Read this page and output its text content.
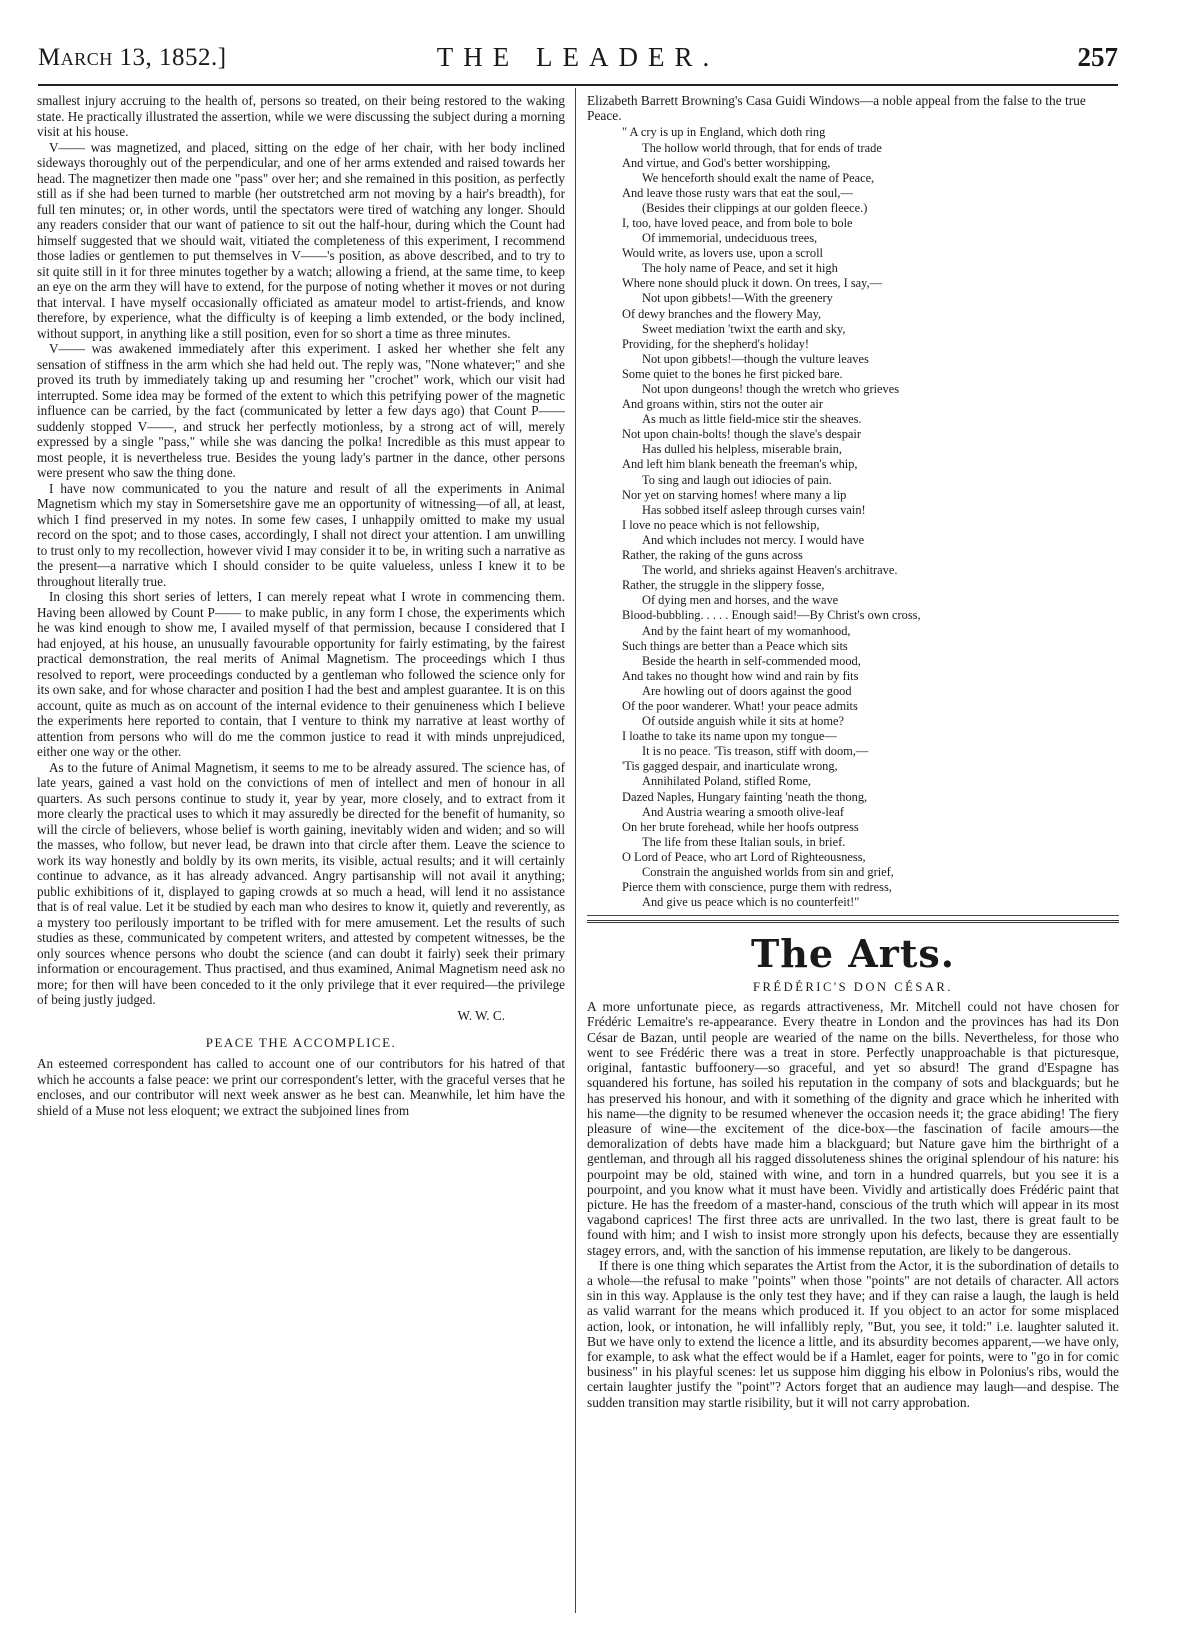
March 13, 1852.]	THE LEADER.	257

smallest injury accruing to the health of, persons so treated, on their being restored to the waking state. He practically illustrated the assertion, while we were discussing the subject during a morning visit at his house.

V—— was magnetized, and placed, sitting on the edge of her chair, with her body inclined sideways thoroughly out of the perpendicular, and one of her arms extended and raised towards her head. The magnetizer then made one "pass" over her; and she remained in this position, as perfectly still as if she had been turned to marble (her outstretched arm not moving by a hair's breadth), for full ten minutes; or, in other words, until the spectators were tired of watching any longer. Should any readers consider that our want of patience to sit out the half-hour, during which the Count had himself suggested that we should wait, vitiated the completeness of this experiment, I recommend those ladies or gentlemen to put themselves in V——'s position, as above described, and to try to sit quite still in it for three minutes together by a watch; allowing a friend, at the same time, to keep an eye on the arm they will have to extend, for the purpose of noting whether it moves or not during that interval. I have myself occasionally officiated as amateur model to artist-friends, and know therefore, by experience, what the difficulty is of keeping a limb extended, or the body inclined, without support, in anything like a still position, even for so short a time as three minutes.

V—— was awakened immediately after this experiment. I asked her whether she felt any sensation of stiffness in the arm which she had held out. The reply was, "None whatever;" and she proved its truth by immediately taking up and resuming her "crochet" work, which our visit had interrupted. Some idea may be formed of the extent to which this petrifying power of the magnetic influence can be carried, by the fact (communicated by letter a few days ago) that Count P—— suddenly stopped V——, and struck her perfectly motionless, by a strong act of will, merely expressed by a single "pass," while she was dancing the polka! Incredible as this must appear to most people, it is nevertheless true. Besides the young lady's partner in the dance, other persons were present who saw the thing done.

I have now communicated to you the nature and result of all the experiments in Animal Magnetism which my stay in Somersetshire gave me an opportunity of witnessing—of all, at least, which I find preserved in my notes. In some few cases, I unhappily omitted to make my usual record on the spot; and to those cases, accordingly, I shall not direct your attention. I am unwilling to trust only to my recollection, however vivid I may consider it to be, in writing such a narrative as the present—a narrative which I should consider to be quite valueless, unless I knew it to be throughout literally true.

In closing this short series of letters, I can merely repeat what I wrote in commencing them. Having been allowed by Count P—— to make public, in any form I chose, the experiments which he was kind enough to show me, I availed myself of that permission, because I considered that I had enjoyed, at his house, an unusually favourable opportunity for fairly estimating, by the fairest practical demonstration, the real merits of Animal Magnetism. The proceedings which I thus resolved to report, were proceedings conducted by a gentleman who followed the science only for its own sake, and for whose character and position I had the best and amplest guarantee. It is on this account, quite as much as on account of the internal evidence to their genuineness which I believe the experiments here reported to contain, that I venture to think my narrative at least worthy of attention from persons who will do me the common justice to read it with minds unprejudiced, either one way or the other.

As to the future of Animal Magnetism, it seems to me to be already assured. The science has, of late years, gained a vast hold on the convictions of men of intellect and men of honour in all quarters. As such persons continue to study it, year by year, more closely, and to extract from it more clearly the practical uses to which it may assuredly be directed for the benefit of humanity, so will the circle of believers, whose belief is worth gaining, inevitably widen and widen; and so will the masses, who follow, but never lead, be drawn into that circle after them. Leave the science to work its way honestly and boldly by its own merits, its visible, actual results; and it will certainly continue to advance, as it has already advanced. Angry partisanship will not avail it anything; public exhibitions of it, displayed to gaping crowds at so much a head, will lend it no assistance that is of real value. Let it be studied by each man who desires to know it, quietly and reverently, as a mystery too perilously important to be trifled with for mere amusement. Let the results of such studies as these, communicated by competent writers, and attested by competent witnesses, be the only sources whence persons who doubt the science (and can doubt it fairly) seek their primary information or encouragement. Thus practised, and thus examined, Animal Magnetism need ask no more; for then will have been conceded to it the only privilege that it ever required—the privilege of being justly judged.

W. W. C.

PEACE THE ACCOMPLICE.

An esteemed correspondent has called to account one of our contributors for his hatred of that which he accounts a false peace: we print our correspondent's letter, with the graceful verses that he encloses, and our contributor will next week answer as he best can. Meanwhile, let him have the shield of a Muse not less eloquent; we extract the subjoined lines from

Elizabeth Barrett Browning's Casa Guidi Windows—a noble appeal from the false to the true Peace.

" A cry is up in England, which doth ring
The hollow world through, that for ends of trade
And virtue, and God's better worshipping,
We henceforth should exalt the name of Peace,
And leave those rusty wars that eat the soul,—
(Besides their clippings at our golden fleece.)
I, too, have loved peace, and from bole to bole
Of immemorial, undeciduous trees,
Would write, as lovers use, upon a scroll
The holy name of Peace, and set it high
Where none should pluck it down. On trees, I say,—
Not upon gibbets!—With the greenery
Of dewy branches and the flowery May,
Sweet mediation 'twixt the earth and sky,
Providing, for the shepherd's holiday!
Not upon gibbets!—though the vulture leaves
Some quiet to the bones he first picked bare.
Not upon dungeons! though the wretch who grieves
And groans within, stirs not the outer air
As much as little field-mice stir the sheaves.
Not upon chain-bolts! though the slave's despair
Has dulled his helpless, miserable brain,
And left him blank beneath the freeman's whip,
To sing and laugh out idiocies of pain.
Nor yet on starving homes! where many a lip
Has sobbed itself asleep through curses vain!
I love no peace which is not fellowship,
And which includes not mercy. I would have
Rather, the raking of the guns across
The world, and shrieks against Heaven's architrave.
Rather, the struggle in the slippery fosse,
Of dying men and horses, and the wave
Blood-bubbling. . . . . Enough said!—By Christ's own cross,
And by the faint heart of my womanhood,
Such things are better than a Peace which sits
Beside the hearth in self-commended mood,
And takes no thought how wind and rain by fits
Are howling out of doors against the good
Of the poor wanderer. What! your peace admits
Of outside anguish while it sits at home?
I loathe to take its name upon my tongue—
It is no peace. 'Tis treason, stiff with doom,—
'Tis gagged despair, and inarticulate wrong,
Annihilated Poland, stifled Rome,
Dazed Naples, Hungary fainting 'neath the thong,
And Austria wearing a smooth olive-leaf
On her brute forehead, while her hoofs outpress
The life from these Italian souls, in brief.
O Lord of Peace, who art Lord of Righteousness,
Constrain the anguished worlds from sin and grief,
Pierce them with conscience, purge them with redress,
And give us peace which is no counterfeit!"
The Arts.
FRÉDÉRIC'S DON CÉSAR.

A more unfortunate piece, as regards attractiveness, Mr. Mitchell could not have chosen for Frédéric Lemaitre's re-appearance. Every theatre in London and the provinces has had its Don César de Bazan, until people are wearied of the name on the bills. Nevertheless, for those who went to see Frédéric there was a treat in store. Perfectly unapproachable is that picturesque, original, fantastic buffoonery—so graceful, and yet so absurd! The grand d'Espagne has squandered his fortune, has soiled his reputation in the company of sots and blackguards; but he has preserved his honour, and with it something of the dignity and grace which he inherited with his name—the dignity to be resumed whenever the occasion needs it; the grace abiding! The fiery pleasure of wine—the excitement of the dice-box—the fascination of facile amours—the demoralization of debts have made him a blackguard; but Nature gave him the birthright of a gentleman, and through all his ragged dissoluteness shines the original splendour of his nature: his pourpoint may be old, stained with wine, and torn in a hundred quarrels, but you see it is a pourpoint, and you know what it must have been. Vividly and artistically does Frédéric paint that picture. He has the freedom of a master-hand, conscious of the truth which will appear in its most vagabond caprices! The first three acts are unrivalled. In the two last, there is great fault to be found with him; and I wish to insist more strongly upon his defects, because they are essentially stagey errors, and, with the sanction of his immense reputation, are likely to be dangerous.

If there is one thing which separates the Artist from the Actor, it is the subordination of details to a whole—the refusal to make "points" when those "points" are not details of character. All actors sin in this way. Applause is the only test they have; and if they can raise a laugh, the laugh is held as valid warrant for the means which produced it. If you object to an actor for some misplaced action, look, or intonation, he will infallibly reply, "But, you see, it told:" i.e. laughter saluted it. But we have only to extend the licence a little, and its absurdity becomes apparent,—we have only, for example, to ask what the effect would be if a Hamlet, eager for points, were to "go in for comic business" in his playful scenes: let us suppose him digging his elbow in Polonius's ribs, would the certain laughter justify the "point"? Actors forget that an audience may laugh—and despise. The sudden transition may startle risibility, but it will not carry approbation.
